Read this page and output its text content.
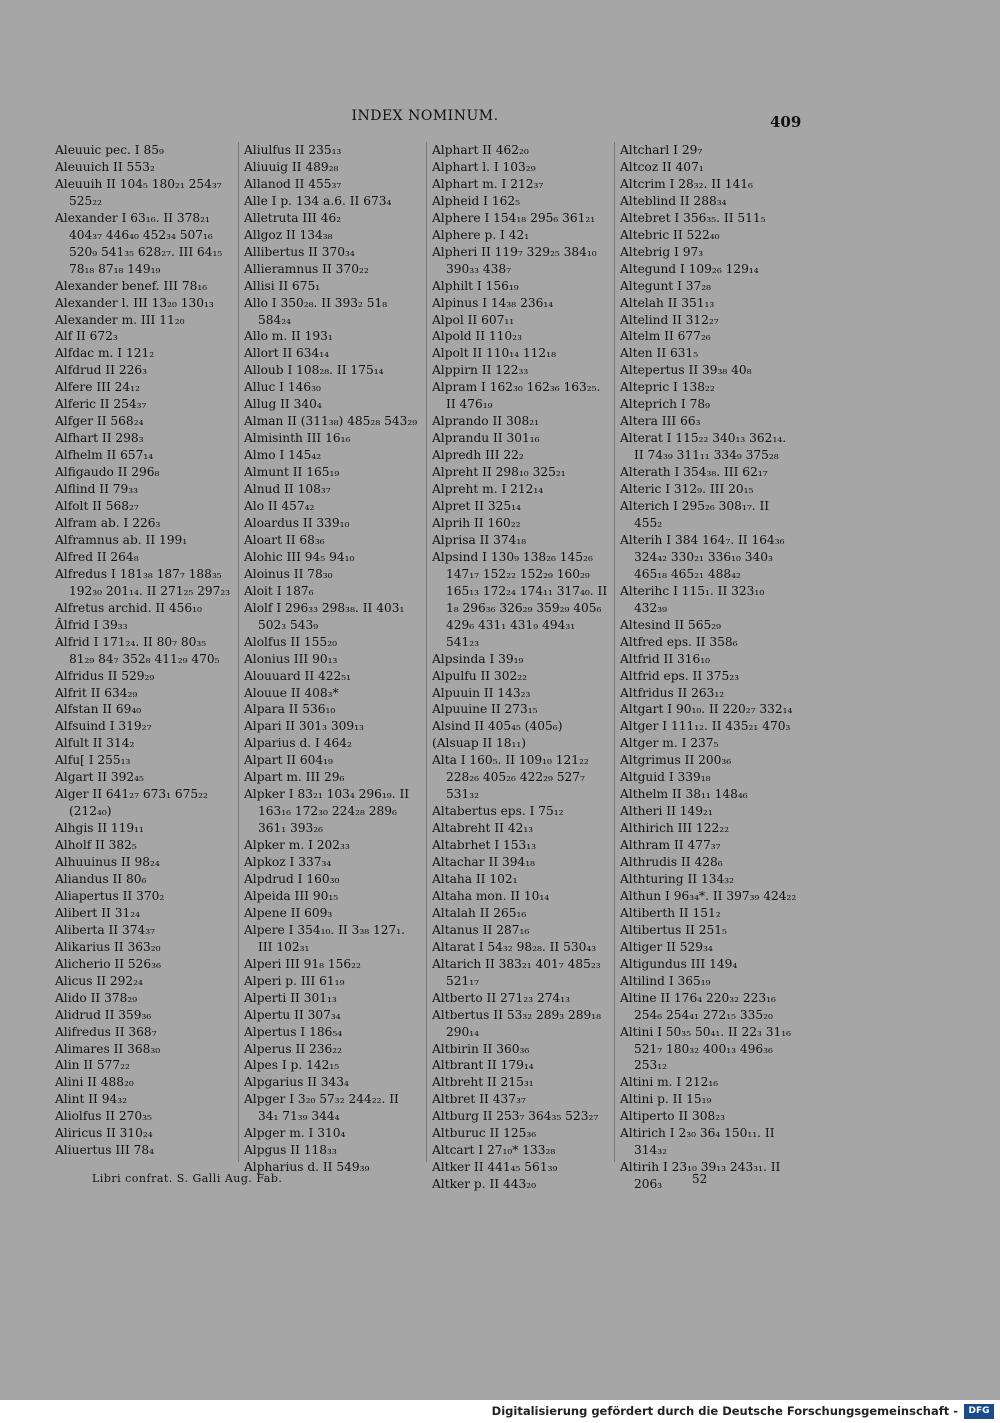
INDEX NOMINUM.	409
Aleuuic pec. I 85₉
Aleuuich II 553₂
Aleuuih II 104₅ 180₂₁ 254₃₇ 525₂₂
Alexander I 63₁₆. II 378₂₁ 404₃₇ 446₄₀ 452₃₄ 507₁₆ 520₉ 541₃₅ 628₂₇. III 64₁₅ 78₁₈ 87₁₈ 149₁₉
Alexander benef. III 78₁₆
Alexander l. III 13₂₀ 130₁₃
Alexander m. III 11₂₀
Alf II 672₃
Alfdac m. I 121₂
Alfdrud II 226₃
Alfere III 24₁₂
Alferic II 254₃₇
Alfger II 568₂₄
Alfhart II 298₃
Alfhelm II 657₁₄
Alfigaudo II 296₈
Alflind II 79₃₃
Alfolt II 568₂₇
Alfram ab. I 226₃
Alframnus ab. II 199₁
Alfred II 264₈
Alfredus I 181₃₈ 187₇ 188₃₅ 192₃₀ 201₁₄. II 271₂₅ 297₂₃
Alfretus archid. II 456₁₀
Âlfrid I 39₃₃
Alfrid I 171₂₄. II 80₇ 80₃₅ 81₂₉ 84₇ 352₈ 411₂₉ 470₅
Alfridus II 529₂₉
Alfrit II 634₂₉
Alfstan II 69₄₀
Alfsuind I 319₂₇
Alfult II 314₂
Alfu[ I 255₁₃
Algart II 392₄₅
Alger II 641₂₇ 673₁ 675₂₂ (212₄₀)
Alhgis II 119₁₁
Alholf II 382₅
Alhuuinus II 98₂₄
Aliandus II 80₆
Aliapertus II 370₂
Alibert II 31₂₄
Aliberta II 374₃₇
Alikarius II 363₂₀
Alicherio II 526₃₆
Alicus II 292₂₄
Alido II 378₂₉
Alidrud II 359₃₆
Alifredus II 368₇
Alimares II 368₃₀
Alin II 577₂₂
Alini II 488₂₀
Alint II 94₃₂
Aliolfus II 270₃₅
Aliricus II 310₂₄
Aliuertus III 78₄
Aliulfus II 235₁₃
Aliuuig II 489₂₈
Allanod II 455₃₇
Alle I p. 134 a.6. II 673₄
Alletruta III 46₂
Allgoz II 134₃₈
Allibertus II 370₃₄
Allieramnus II 370₂₂
Allisi II 675₁
Allo I 350₂₈. II 393₂ 51₈ 584₂₄
Allo m. II 193₁
Allort II 634₁₄
Alloub I 108₂₈. II 175₁₄
Alluc I 146₃₀
Allug II 340₄
Alman II (311₃₈) 485₂₈ 543₂₉
Almisinth III 16₁₆
Almo I 145₄₂
Almunt II 165₁₉
Alnud II 108₃₇
Alo II 457₄₂
Aloardus II 339₁₀
Aloart II 68₃₆
Alohic III 94₅ 94₁₀
Aloinus II 78₃₀
Aloit I 187₆
Alolf I 296₃₃ 298₃₈. II 403₁ 502₃ 543₉
Alolfus II 155₂₀
Alonius III 90₁₃
Alouuard II 422₅₁
Alouue II 408₃*
Alpara II 536₁₀
Alpari II 301₃ 309₁₃
Alparius d. I 464₂
Alpart II 604₁₉
Alpart m. III 29₆
Alpker I 83₂₁ 103₄ 296₁₉. II 163₁₆ 172₃₀ 224₂₈ 289₆ 361₁ 393₂₆
Alpker m. I 202₃₃
Alpkoz I 337₃₄
Alpdrud I 160₃₀
Alpeida III 90₁₅
Alpene II 609₃
Alpere I 354₁₀. II 3₃₈ 127₁. III 102₃₁
Alperi III 91₈ 156₂₂
Alperi p. III 61₁₉
Alperti II 301₁₃
Alpertu II 307₃₄
Alpertus I 186₅₄
Alperus II 236₂₂
Alpes I p. 142₁₅
Alpgarius II 343₄
Alpger I 3₂₀ 57₃₂ 244₂₂. II 34₁ 71₃₉ 344₄
Alpger m. I 310₄
Alpgus II 118₃₃
Alpharius d. II 549₃₉
Alphart II 462₂₀
Alphart l. I 103₂₉
Alphart m. I 212₃₇
Alpheid I 162₅
Alphere I 154₁₈ 295₆ 361₂₁
Alphere p. I 42₁
Alpheri II 119₇ 329₂₅ 384₁₀ 390₃₃ 438₇
Alphilt I 156₁₉
Alpinus I 14₃₈ 236₁₄
Alpol II 607₁₁
Alpold II 110₂₃
Alpolt II 110₁₄ 112₁₈
Alppirn II 122₃₃
Alpram I 162₃₀ 162₃₆ 163₂₅. II 476₁₉
Alprando II 308₂₁
Alprandu II 301₁₆
Alpredh III 22₂
Alpreht II 298₁₀ 325₂₁
Alpreht m. I 212₁₄
Alpret II 325₁₄
Alprih II 160₂₂
Alprisa II 374₁₈
Alpsind I 130₉ 138₂₆ 145₂₆ 147₁₇ 152₂₂ 152₂₉ 160₂₉ 165₁₃ 172₂₄ 174₁₁ 317₄₀. II 1₈ 296₃₆ 326₂₉ 359₂₉ 405₆ 429₆ 431₁ 431₉ 494₃₁ 541₂₃
Alpsinda I 39₁₉
Alpulfu II 302₂₂
Alpuuin II 143₂₃
Alpuuine II 273₁₅
Alsind II 405₄₅ (405₆)
(Alsuap II 18₁₁)
Alta I 160₅. II 109₁₀ 121₂₂ 228₂₆ 405₂₆ 422₂₉ 527₇ 531₃₂
Altabertus eps. I 75₁₂
Altabreht II 42₁₃
Altabrhet I 153₁₃
Altachar II 394₁₈
Altaha II 102₁
Altaha mon. II 10₁₄
Altalah II 265₁₆
Altanus II 287₁₆
Altarat I 54₃₂ 98₂₈. II 530₄₃
Altarich II 383₂₁ 401₇ 485₂₃ 521₁₇
Altberto II 271₂₃ 274₁₃
Altbertus II 53₃₂ 289₃ 289₁₈ 290₁₄
Altbirin II 360₃₆
Altbrant II 179₁₄
Altbreht II 215₃₁
Altbret II 437₃₇
Altburg II 253₇ 364₃₅ 523₂₇
Altburuc II 125₃₆
Altcart I 27₁₀* 133₂₈
Altker II 441₄₅ 561₃₉
Altker p. II 443₂₀
Altcharl I 29₇
Altcoz II 407₁
Altcrim I 28₃₂. II 141₆
Alteblind II 288₃₄
Altebret I 356₃₅. II 511₅
Altebric II 522₄₀
Altebrig I 97₃
Altegund I 109₂₆ 129₁₄
Altegunt I 37₂₈
Altelah II 351₁₃
Altelind II 312₂₇
Altelm II 677₂₆
Alten II 631₅
Altepertus II 39₃₈ 40₈
Altepric I 138₂₂
Alteprich I 78₉
Altera III 66₃
Alterat I 115₂₂ 340₁₃ 362₁₄. II 74₃₉ 311₁₁ 334₉ 375₂₈
Alterath I 354₃₈. III 62₁₇
Alteric I 312₉. III 20₁₅
Alterich I 295₂₆ 308₁₇. II 455₂
Alterih I 384 164₇. II 164₃₆ 324₄₂ 330₂₁ 336₁₀ 340₃ 465₁₈ 465₂₁ 488₄₂
Alterihc I 115₁. II 323₁₀ 432₃₉
Altesind II 565₂₉
Altfred eps. II 358₆
Altfrid II 316₁₀
Altfrid eps. II 375₂₃
Altfridus II 263₁₂
Altgart I 90₁₀. II 220₂₇ 332₁₄
Altger I 111₁₂. II 435₂₁ 470₃
Altger m. I 237₅
Altgrimus II 200₃₆
Altguid I 339₁₈
Althelm II 38₁₁ 148₄₆
Altheri II 149₂₁
Althirich III 122₂₂
Althram II 477₃₇
Althrudis II 428₆
Althturing II 134₃₂
Althun I 96₃₄*. II 397₃₉ 424₂₂
Altiberth II 151₂
Altibertus II 251₅
Altiger II 529₃₄
Altigundus III 149₄
Altilind I 365₁₉
Altine II 176₄ 220₃₂ 223₁₆ 254₆ 254₄₁ 272₁₅ 335₂₀
Altini I 50₃₅ 50₄₁. II 22₃ 31₁₆ 521₇ 180₃₂ 400₁₃ 496₃₆ 253₁₂
Altini m. I 212₁₆
Altini p. II 15₁₉
Altiperto II 308₂₃
Altirich I 2₃₀ 36₄ 150₁₁. II 314₃₂
Altirih I 23₁₀ 39₁₃ 243₃₁. II 206₃
Libri confrat. S. Galli Aug. Fab.	52
Digitalisierung gefördert durch die Deutsche Forschungsgemeinschaft -	DFG
